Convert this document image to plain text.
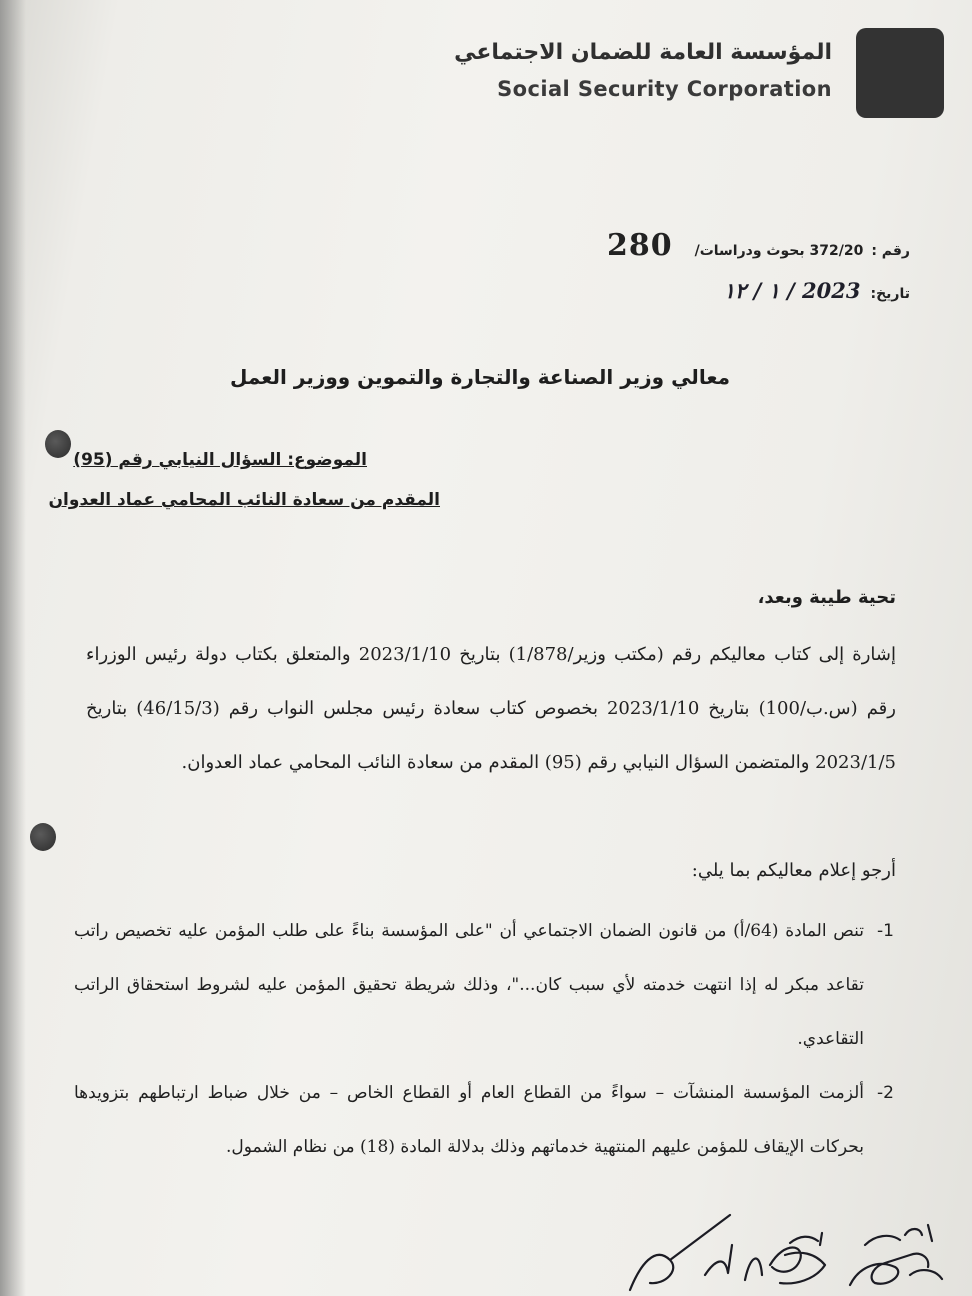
المؤسسة العامة للضمان الاجتماعي
Social Security Corporation
رقم :
372/20 بحوث ودراسات/
280
تاريخ:
2023 / ١ / ١٢
معالي وزير الصناعة والتجارة والتموين ووزير العمل
الموضوع: السؤال النيابي رقم (95)
المقدم من سعادة النائب المحامي عماد العدوان
تحية طيبة وبعد،
إشارة إلى كتاب معاليكم رقم (مكتب وزير/1/878) بتاريخ 2023/1/10 والمتعلق بكتاب دولة رئيس الوزراء رقم (س.ب/100) بتاريخ 2023/1/10 بخصوص كتاب سعادة رئيس مجلس النواب رقم (46/15/3) بتاريخ 2023/1/5 والمتضمن السؤال النيابي رقم (95) المقدم من سعادة النائب المحامي عماد العدوان.
أرجو إعلام معاليكم بما يلي:
1-
تنص المادة (64/أ) من قانون الضمان الاجتماعي أن "على المؤسسة بناءً على طلب المؤمن عليه تخصيص راتب تقاعد مبكر له إذا انتهت خدمته لأي سبب كان..."، وذلك شريطة تحقيق المؤمن عليه لشروط استحقاق الراتب التقاعدي.
2-
ألزمت المؤسسة المنشآت – سواءً من القطاع العام أو القطاع الخاص – من خلال ضباط ارتباطهم بتزويدها بحركات الإيقاف للمؤمن عليهم المنتهية خدماتهم وذلك بدلالة المادة (18) من نظام الشمول.
